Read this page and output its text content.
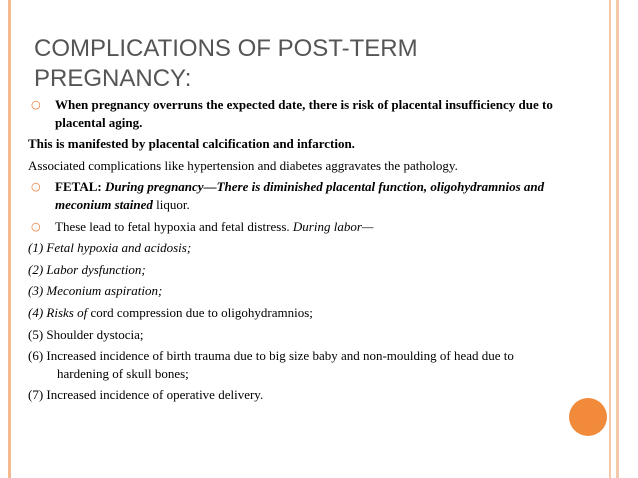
COMPLICATIONS OF POST-TERM PREGNANCY:
○ When pregnancy overruns the expected date, there is risk of placental insufficiency due to placental aging.
This is manifested by placental calcification and infarction.
Associated complications like hypertension and diabetes aggravates the pathology.
○ FETAL: During pregnancy—There is diminished placental function, oligohydramnios and meconium stained liquor.
○ These lead to fetal hypoxia and fetal distress. During labor—
(1) Fetal hypoxia and acidosis;
(2) Labor dysfunction;
(3) Meconium aspiration;
(4) Risks of cord compression due to oligohydramnios;
(5) Shoulder dystocia;
(6) Increased incidence of birth trauma due to big size baby and non-moulding of head due to hardening of skull bones;
(7) Increased incidence of operative delivery.
